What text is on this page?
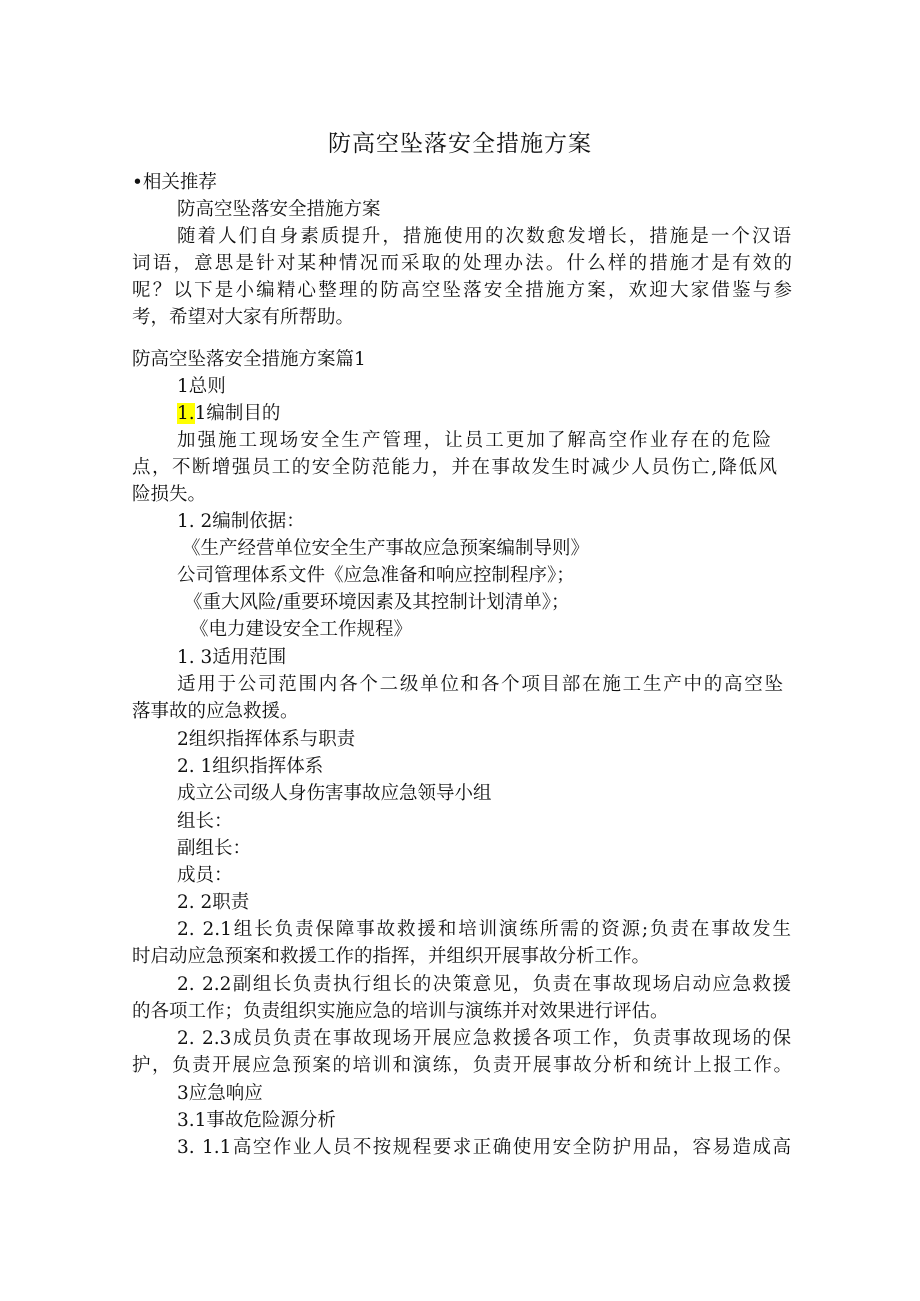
防高空坠落安全措施方案
•相关推荐
防高空坠落安全措施方案
随着人们自身素质提升，措施使用的次数愈发增长，措施是一个汉语
词语，意思是针对某种情况而采取的处理办法。什么样的措施才是有效的
呢？以下是小编精心整理的防高空坠落安全措施方案，欢迎大家借鉴与参
考，希望对大家有所帮助。
防高空坠落安全措施方案篇1
1总则
1.1编制目的
加强施工现场安全生产管理，让员工更加了解高空作业存在的危险
点，不断增强员工的安全防范能力，并在事故发生时减少人员伤亡,降低风
险损失。
1. 2编制依据：
《生产经营单位安全生产事故应急预案编制导则》
公司管理体系文件《应急准备和响应控制程序》；
《重大风险/重要环境因素及其控制计划清单》；
《电力建设安全工作规程》
1. 3适用范围
适用于公司范围内各个二级单位和各个项目部在施工生产中的高空坠
落事故的应急救援。
2组织指挥体系与职责
2. 1组织指挥体系
成立公司级人身伤害事故应急领导小组
组长：
副组长：
成员：
2. 2职责
2. 2.1组长负责保障事故救援和培训演练所需的资源;负责在事故发生
时启动应急预案和救援工作的指挥，并组织开展事故分析工作。
2. 2.2副组长负责执行组长的决策意见，负责在事故现场启动应急救援
的各项工作；负责组织实施应急的培训与演练并对效果进行评估。
2. 2.3成员负责在事故现场开展应急救援各项工作，负责事故现场的保
护，负责开展应急预案的培训和演练，负责开展事故分析和统计上报工作。
3应急响应
3.1事故危险源分析
3. 1.1高空作业人员不按规程要求正确使用安全防护用品，容易造成高
